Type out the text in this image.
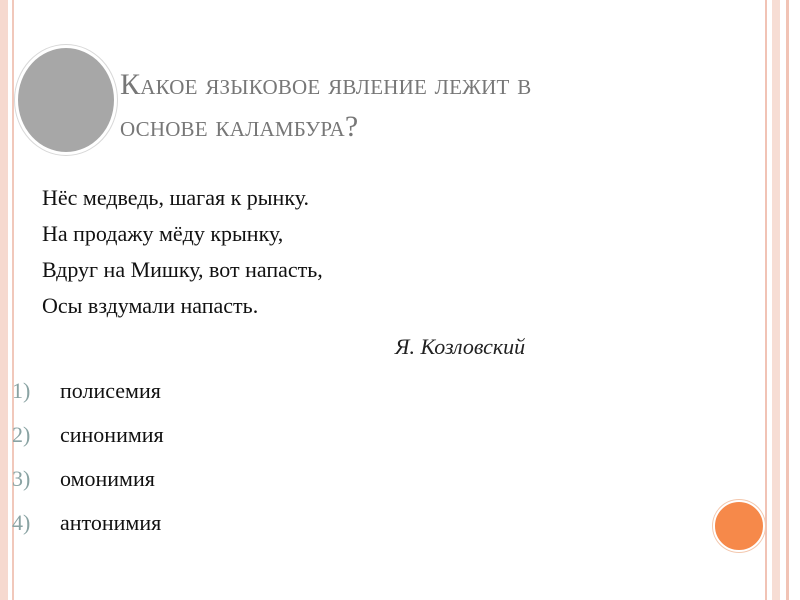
Какое языковое явление лежит в
основе каламбура?
Нёс медведь, шагая к рынку.
На продажу мёду крынку,
Вдруг на Мишку, вот напасть,
Осы вздумали напасть.
Я. Козловский
1) полисемия
2) синонимия
3) омонимия
4) антонимия
